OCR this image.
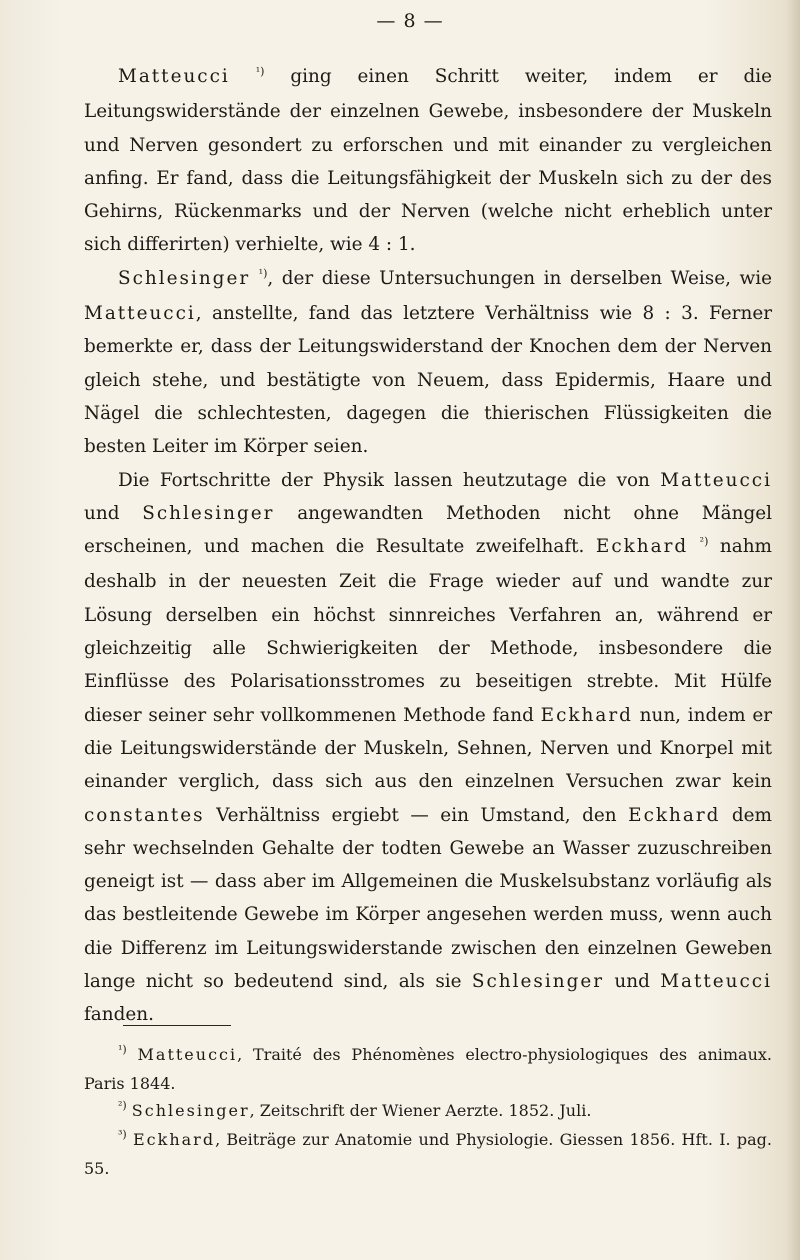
— 8 —

Matteucci $^{^1)}$ ging einen Schritt weiter, indem er die Leitungswiderstände der einzelnen Gewebe, insbesondere der Muskeln und Nerven gesondert zu erforschen und mit einander zu vergleichen anfing. Er fand, dass die Leitungsfähigkeit der Muskeln sich zu der des Gehirns, Rückenmarks und der Nerven (welche nicht erheblich unter sich differirten) verhielte, wie 4 : 1.

Schlesinger $^{^1)}$, der diese Untersuchungen in derselben Weise, wie Matteucci, anstellte, fand das letztere Verhältniss wie 8 : 3. Ferner bemerkte er, dass der Leitungswiderstand der Knochen dem der Nerven gleich stehe, und bestätigte von Neuem, dass Epidermis, Haare und Nägel die schlechtesten, dagegen die thierischen Flüssigkeiten die besten Leiter im Körper seien.

Die Fortschritte der Physik lassen heutzutage die von Matteucci und Schlesinger angewandten Methoden nicht ohne Mängel erscheinen, und machen die Resultate zweifelhaft. Eckhard $^{^2)}$ nahm deshalb in der neuesten Zeit die Frage wieder auf und wandte zur Lösung derselben ein höchst sinnreiches Verfahren an, während er gleichzeitig alle Schwierigkeiten der Methode, insbesondere die Einflüsse des Polarisationsstromes zu beseitigen strebte. Mit Hülfe dieser seiner sehr vollkommenen Methode fand Eckhard nun, indem er die Leitungswiderstände der Muskeln, Sehnen, Nerven und Knorpel mit einander verglich, dass sich aus den einzelnen Versuchen zwar kein constantes Verhältniss ergiebt — ein Umstand, den Eckhard dem sehr wechselnden Gehalte der todten Gewebe an Wasser zuzuschreiben geneigt ist — dass aber im Allgemeinen die Muskelsubstanz vorläufig als das bestleitende Gewebe im Körper angesehen werden muss, wenn auch die Differenz im Leitungswiderstande zwischen den einzelnen Geweben lange nicht so bedeutend sind, als sie Schlesinger und Matteucci fanden.

$^{^1)}$ Matteucci, Traité des Phénomènes electro-physiologiques des animaux. Paris 1844.

$^{^2)}$ Schlesinger, Zeitschrift der Wiener Aerzte. 1852. Juli.

$^{^3)}$ Eckhard, Beiträge zur Anatomie und Physiologie. Giessen 1856. Hft. I. pag. 55.
